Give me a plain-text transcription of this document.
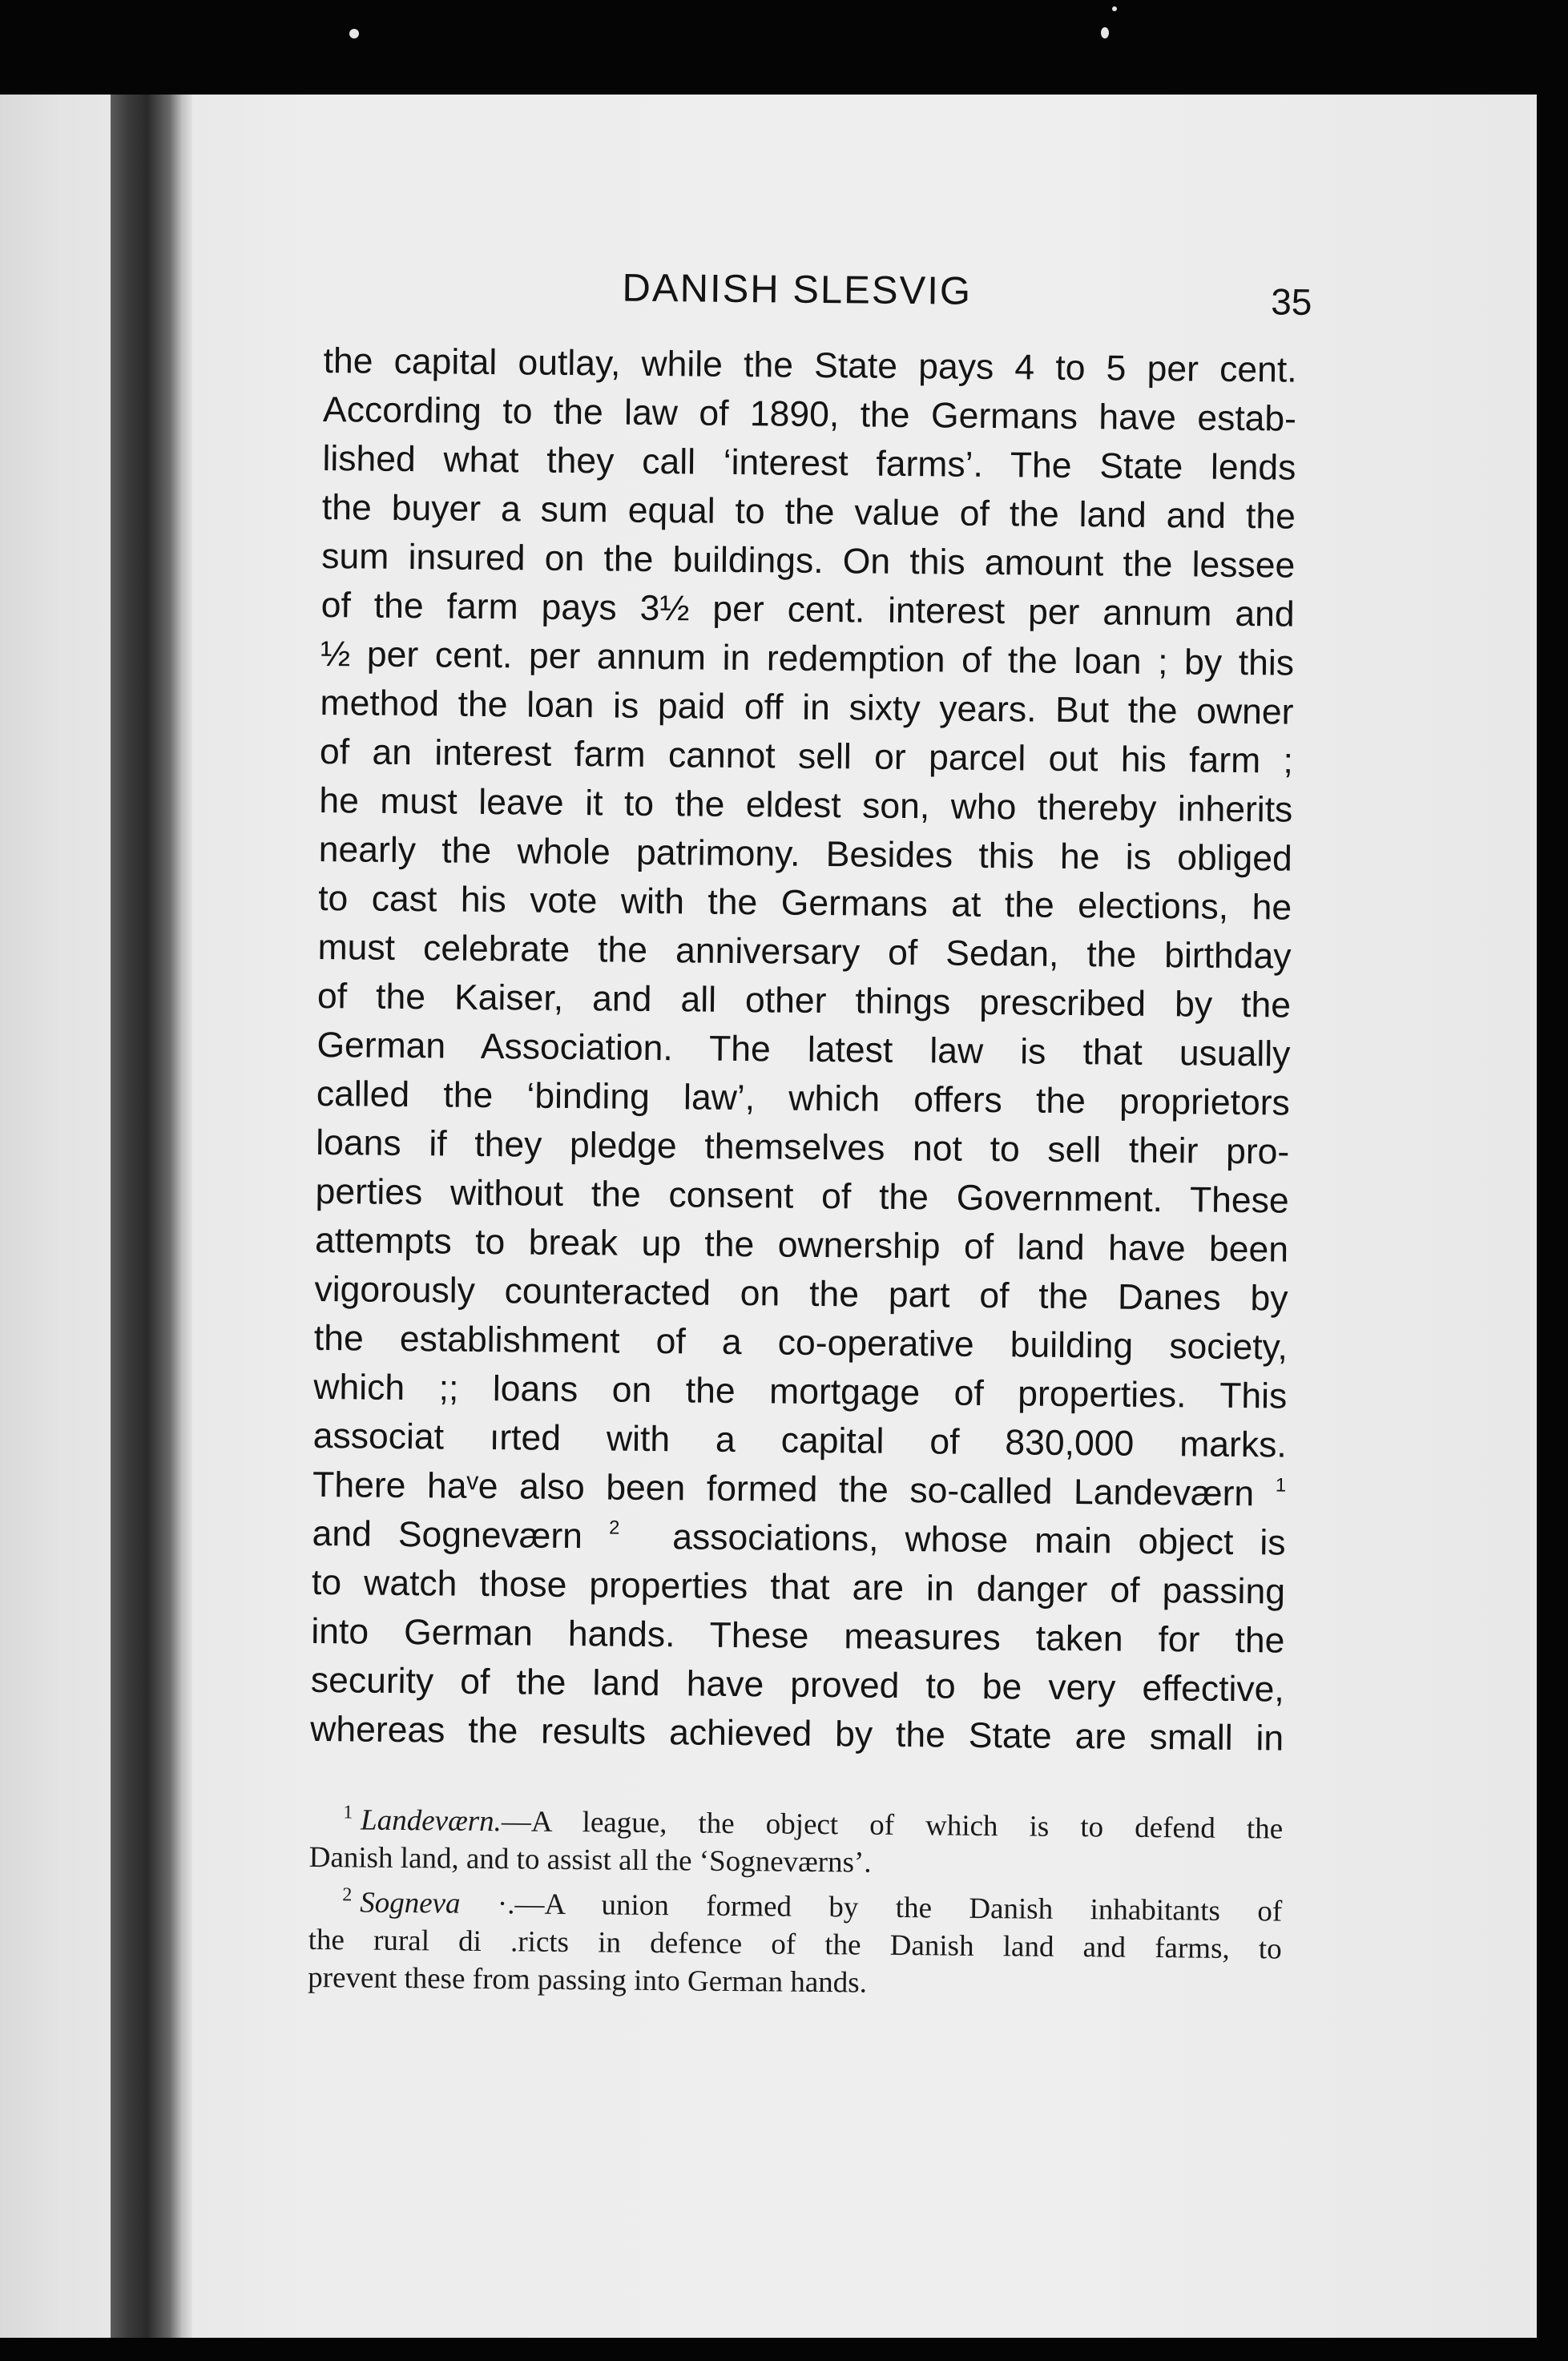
DANISH SLESVIG	35
the capital outlay, while the State pays 4 to 5 per cent.
According to the law of 1890, the Germans have estab-
lished what they call ‘interest farms’. The State lends
the buyer a sum equal to the value of the land and the
sum insured on the buildings. On this amount the lessee
of the farm pays 3½ per cent. interest per annum and
½ per cent. per annum in redemption of the loan ; by this
method the loan is paid off in sixty years. But the owner
of an interest farm cannot sell or parcel out his farm ;
he must leave it to the eldest son, who thereby inherits
nearly the whole patrimony. Besides this he is obliged
to cast his vote with the Germans at the elections, he
must celebrate the anniversary of Sedan, the birthday
of the Kaiser, and all other things prescribed by the
German Association. The latest law is that usually
called the ‘binding law’, which offers the proprietors
loans if they pledge themselves not to sell their pro-
perties without the consent of the Government. These
attempts to break up the ownership of land have been
vigorously counteracted on the part of the Danes by
the establishment of a co-operative building society,
which ;; loans on the mortgage of properties. This
associat ırted with a capital of 830,000 marks.
There haᵛe also been formed the so-called Landeværn $^1$
and Sogneværn $^2$ associations, whose main object is
to watch those properties that are in danger of passing
into German hands. These measures taken for the
security of the land have proved to be very effective,
whereas the results achieved by the State are small in
$^1$ Landeværn.—A league, the object of which is to defend the
Danish land, and to assist all the ‘Sogneværns’.
$^2$ Sogneva ·.—A union formed by the Danish inhabitants of
the rural di .ricts in defence of the Danish land and farms, to
prevent these from passing into German hands.
